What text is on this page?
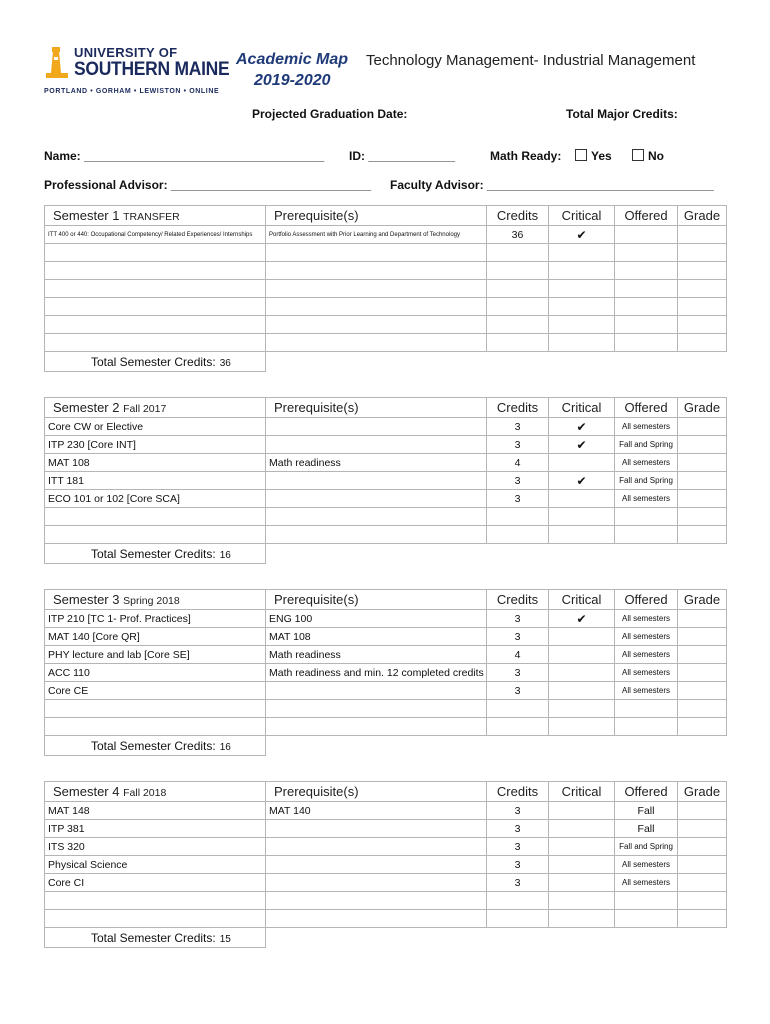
UNIVERSITY OF
SOUTHERN MAINE
PORTLAND • GORHAM • LEWISTON • ONLINE
Academic Map
2019-2020
Technology Management- Industrial Management
Projected Graduation Date:	Total Major Credits:
Name: ____________________________________ ID: _____________	Math Ready:	Yes	No
Professional Advisor: ______________________________ Faculty Advisor: __________________________________
Semester 1 TRANSFER	Prerequisite(s)	Credits	Critical	Offered	Grade
ITT 400 or 440: Occupational Competency/ Related Experiences/ Internships	Portfolio Assessment with Prior Learning and Department of Technology	36	✔		

Total Semester Credits: 36					
Semester 2 Fall 2017	Prerequisite(s)	Credits	Critical	Offered	Grade
Core CW or Elective		3	✔	All semesters	
ITP 230 [Core INT]		3	✔	Fall and Spring	
MAT 108	Math readiness	4		All semesters	
ITT 181		3	✔	Fall and Spring	
ECO 101 or 102 [Core SCA]		3		All semesters	

Total Semester Credits: 16					
Semester 3 Spring 2018	Prerequisite(s)	Credits	Critical	Offered	Grade
ITP 210 [TC 1- Prof. Practices]	ENG 100	3	✔	All semesters	
MAT 140 [Core QR]	MAT 108	3		All semesters	
PHY lecture and lab [Core SE]	Math readiness	4		All semesters	
ACC 110	Math readiness and min. 12 completed credits	3		All semesters	
Core CE		3		All semesters	

Total Semester Credits: 16					
Semester 4 Fall 2018	Prerequisite(s)	Credits	Critical	Offered	Grade
MAT 148	MAT 140	3		Fall	
ITP 381		3		Fall	
ITS 320		3		Fall and Spring	
Physical Science		3		All semesters	
Core CI		3		All semesters	

Total Semester Credits: 15					
